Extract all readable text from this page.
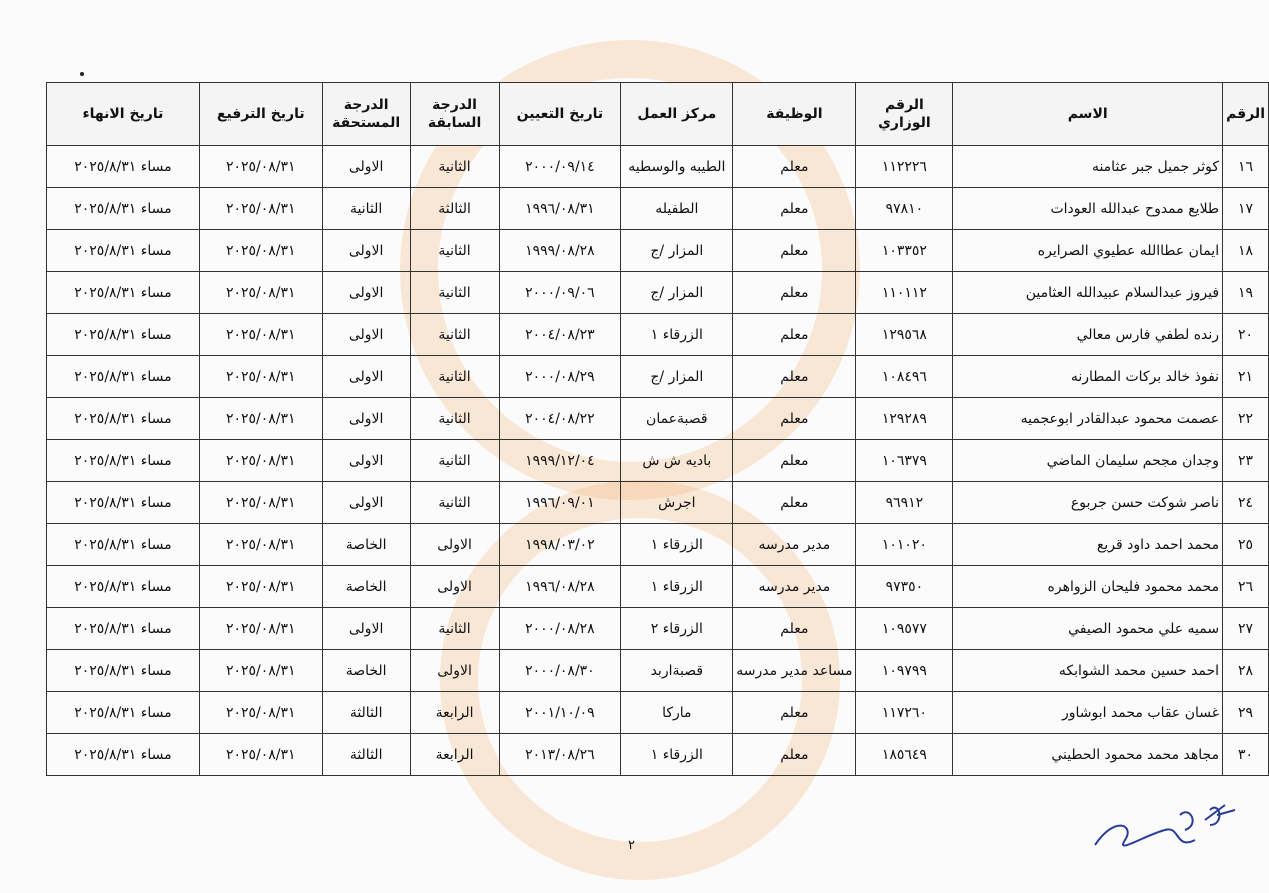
الرقم	الاسم	الرقم الوزاري	الوظيفة	مركز العمل	تاريخ التعيين	الدرجة السابقة	الدرجة المستحقة	تاريخ الترفيع	تاريخ الانهاء
١٦	كوثر جميل جبر عثامنه	١١٢٢٢٦	معلم	الطيبه والوسطيه	٢٠٠٠/٠٩/١٤	الثانية	الاولى	٢٠٢٥/٠٨/٣١	مساء ٢٠٢٥/٨/٣١
١٧	طلايع ممدوح عبدالله العودات	٩٧٨١٠	معلم	الطفيله	١٩٩٦/٠٨/٣١	الثالثة	الثانية	٢٠٢٥/٠٨/٣١	مساء ٢٠٢٥/٨/٣١
١٨	ايمان عطاالله عطيوي الصرايره	١٠٣٣٥٢	معلم	المزار /ج	١٩٩٩/٠٨/٢٨	الثانية	الاولى	٢٠٢٥/٠٨/٣١	مساء ٢٠٢٥/٨/٣١
١٩	فيروز عبدالسلام عبيدالله العثامين	١١٠١١٢	معلم	المزار /ج	٢٠٠٠/٠٩/٠٦	الثانية	الاولى	٢٠٢٥/٠٨/٣١	مساء ٢٠٢٥/٨/٣١
٢٠	رنده لطفي فارس معالي	١٢٩٥٦٨	معلم	الزرقاء ١	٢٠٠٤/٠٨/٢٣	الثانية	الاولى	٢٠٢٥/٠٨/٣١	مساء ٢٠٢٥/٨/٣١
٢١	نفوذ خالد بركات المطارنه	١٠٨٤٩٦	معلم	المزار /ج	٢٠٠٠/٠٨/٢٩	الثانية	الاولى	٢٠٢٥/٠٨/٣١	مساء ٢٠٢٥/٨/٣١
٢٢	عصمت محمود عبدالقادر ابوعجميه	١٢٩٢٨٩	معلم	قصبةعمان	٢٠٠٤/٠٨/٢٢	الثانية	الاولى	٢٠٢٥/٠٨/٣١	مساء ٢٠٢٥/٨/٣١
٢٣	وجدان مجحم سليمان الماضي	١٠٦٣٧٩	معلم	باديه ش ش	١٩٩٩/١٢/٠٤	الثانية	الاولى	٢٠٢٥/٠٨/٣١	مساء ٢٠٢٥/٨/٣١
٢٤	ناصر شوكت حسن جربوع	٩٦٩١٢	معلم	اجرش	١٩٩٦/٠٩/٠١	الثانية	الاولى	٢٠٢٥/٠٨/٣١	مساء ٢٠٢٥/٨/٣١
٢٥	محمد احمد داود قريع	١٠١٠٢٠	مدير مدرسه	الزرقاء ١	١٩٩٨/٠٣/٠٢	الاولى	الخاصة	٢٠٢٥/٠٨/٣١	مساء ٢٠٢٥/٨/٣١
٢٦	محمد محمود فليحان الزواهره	٩٧٣٥٠	مدير مدرسه	الزرقاء ١	١٩٩٦/٠٨/٢٨	الاولى	الخاصة	٢٠٢٥/٠٨/٣١	مساء ٢٠٢٥/٨/٣١
٢٧	سميه علي محمود الصيفي	١٠٩٥٧٧	معلم	الزرقاء ٢	٢٠٠٠/٠٨/٢٨	الثانية	الاولى	٢٠٢٥/٠٨/٣١	مساء ٢٠٢٥/٨/٣١
٢٨	احمد حسين محمد الشوابكه	١٠٩٧٩٩	مساعد مدير مدرسه	قصبةاربد	٢٠٠٠/٠٨/٣٠	الاولى	الخاصة	٢٠٢٥/٠٨/٣١	مساء ٢٠٢٥/٨/٣١
٢٩	غسان عقاب محمد ابوشاور	١١٧٢٦٠	معلم	ماركا	٢٠٠١/١٠/٠٩	الرابعة	الثالثة	٢٠٢٥/٠٨/٣١	مساء ٢٠٢٥/٨/٣١
٣٠	مجاهد محمد محمود الحطيني	١٨٥٦٤٩	معلم	الزرقاء ١	٢٠١٣/٠٨/٢٦	الرابعة	الثالثة	٢٠٢٥/٠٨/٣١	مساء ٢٠٢٥/٨/٣١
٢
